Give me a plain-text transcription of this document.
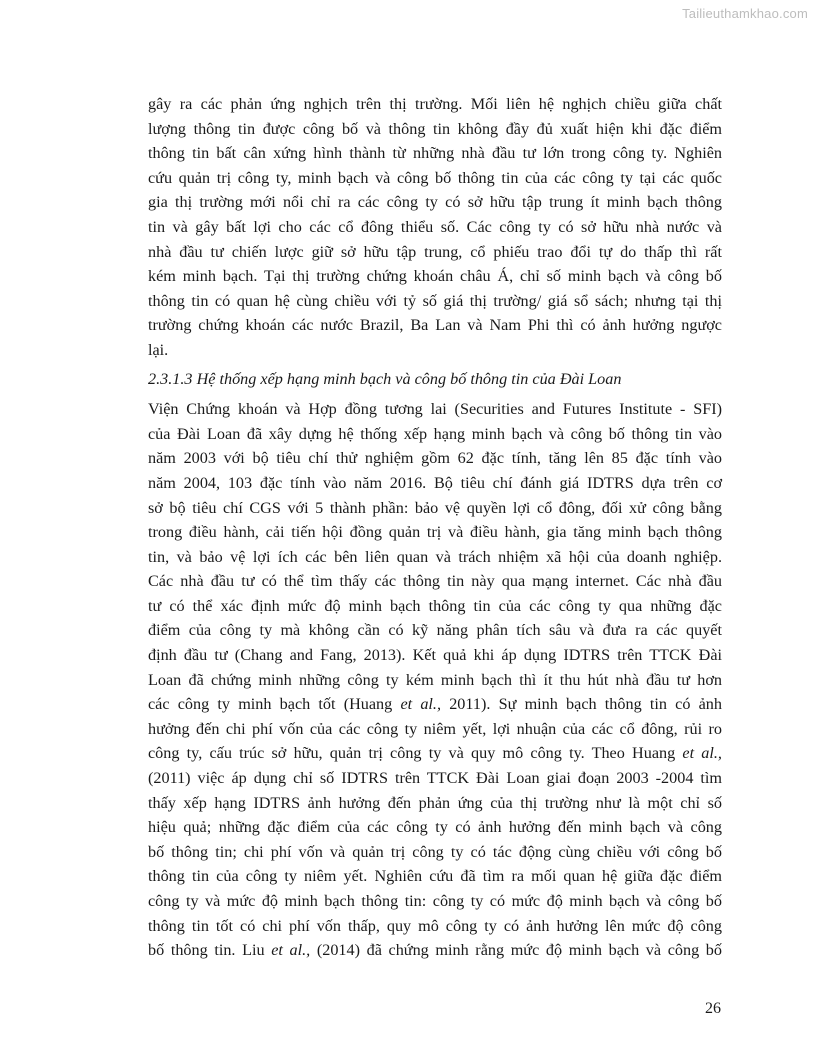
Tailieuthamkhao.com
gây ra các phản ứng nghịch trên thị trường. Mối liên hệ nghịch chiều giữa chất
lượng thông tin được công bố và thông tin không đầy đủ xuất hiện khi đặc điểm
thông tin bất cân xứng hình thành từ những nhà đầu tư lớn trong công ty. Nghiên
cứu quản trị công ty, minh bạch và công bố thông tin của các công ty tại các quốc
gia thị trường mới nổi chỉ ra các công ty có sở hữu tập trung ít minh bạch thông
tin và gây bất lợi cho các cổ đông thiểu số. Các công ty có sở hữu nhà nước và
nhà đầu tư chiến lược giữ sở hữu tập trung, cổ phiếu trao đổi tự do thấp thì rất
kém minh bạch. Tại thị trường chứng khoán châu Á, chỉ số minh bạch và công bố
thông tin có quan hệ cùng chiều với tỷ số giá thị trường/ giá sổ sách; nhưng tại thị
trường chứng khoán các nước Brazil, Ba Lan và Nam Phi thì có ảnh hưởng ngược
lại.
2.3.1.3 Hệ thống xếp hạng minh bạch và công bố thông tin của Đài Loan
Viện Chứng khoán và Hợp đồng tương lai (Securities and Futures Institute - SFI)
của Đài Loan đã xây dựng hệ thống xếp hạng minh bạch và công bố thông tin vào
năm 2003 với bộ tiêu chí thử nghiệm gồm 62 đặc tính, tăng lên 85 đặc tính vào
năm 2004, 103 đặc tính vào năm 2016. Bộ tiêu chí đánh giá IDTRS dựa trên cơ
sở bộ tiêu chí CGS với 5 thành phần: bảo vệ quyền lợi cổ đông, đối xử công bằng
trong điều hành, cải tiến hội đồng quản trị và điều hành, gia tăng minh bạch thông
tin, và bảo vệ lợi ích các bên liên quan và trách nhiệm xã hội của doanh nghiệp.
Các nhà đầu tư có thể tìm thấy các thông tin này qua mạng internet. Các nhà đầu
tư có thể xác định mức độ minh bạch thông tin của các công ty qua những đặc
điểm của công ty mà không cần có kỹ năng phân tích sâu và đưa ra các quyết
định đầu tư (Chang and Fang, 2013). Kết quả khi áp dụng IDTRS trên TTCK Đài
Loan đã chứng minh những công ty kém minh bạch thì ít thu hút nhà đầu tư hơn
các công ty minh bạch tốt (Huang et al., 2011). Sự minh bạch thông tin có ảnh
hưởng đến chi phí vốn của các công ty niêm yết, lợi nhuận của các cổ đông, rủi ro
công ty, cấu trúc sở hữu, quản trị công ty và quy mô công ty. Theo Huang et al.,
(2011) việc áp dụng chỉ số IDTRS trên TTCK Đài Loan giai đoạn 2003 -2004 tìm
thấy xếp hạng IDTRS ảnh hưởng đến phản ứng của thị trường như là một chỉ số
hiệu quả; những đặc điểm của các công ty có ảnh hưởng đến minh bạch và công
bố thông tin; chi phí vốn và quản trị công ty có tác động cùng chiều với công bố
thông tin của công ty niêm yết. Nghiên cứu đã tìm ra mối quan hệ giữa đặc điểm
công ty và mức độ minh bạch thông tin: công ty có mức độ minh bạch và công bố
thông tin tốt có chi phí vốn thấp, quy mô công ty có ảnh hưởng lên mức độ công
bố thông tin. Liu et al., (2014) đã chứng minh rằng mức độ minh bạch và công bố
26
